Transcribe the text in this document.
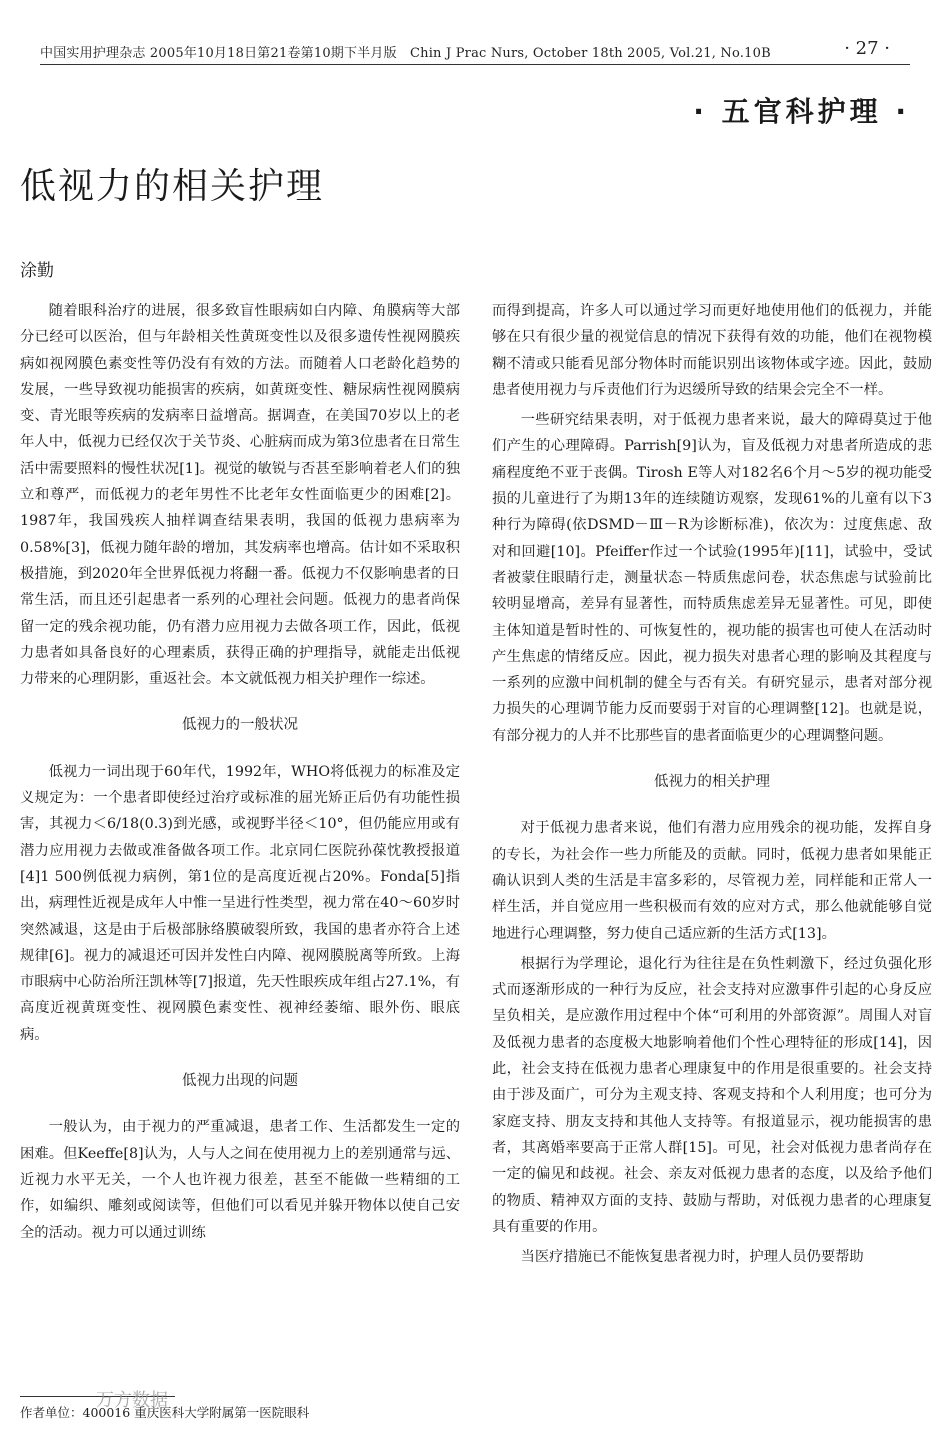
中国实用护理杂志 2005年10月18日第21卷第10期下半月版　Chin J Prac Nurs, October 18th 2005, Vol.21, No.10B	· 27 ·
· 五官科护理 ·
低视力的相关护理
涂勤

随着眼科治疗的进展，很多致盲性眼病如白内障、角膜病等大部分已经可以医治，但与年龄相关性黄斑变性以及很多遗传性视网膜疾病如视网膜色素变性等仍没有有效的方法。而随着人口老龄化趋势的发展，一些导致视功能损害的疾病，如黄斑变性、糖尿病性视网膜病变、青光眼等疾病的发病率日益增高。据调查，在美国70岁以上的老年人中，低视力已经仅次于关节炎、心脏病而成为第3位患者在日常生活中需要照料的慢性状况[1]。视觉的敏锐与否甚至影响着老人们的独立和尊严，而低视力的老年男性不比老年女性面临更少的困难[2]。1987年，我国残疾人抽样调查结果表明，我国的低视力患病率为0.58%[3]，低视力随年龄的增加，其发病率也增高。估计如不采取积极措施，到2020年全世界低视力将翻一番。低视力不仅影响患者的日常生活，而且还引起患者一系列的心理社会问题。低视力的患者尚保留一定的残余视功能，仍有潜力应用视力去做各项工作，因此，低视力患者如具备良好的心理素质，获得正确的护理指导，就能走出低视力带来的心理阴影，重返社会。本文就低视力相关护理作一综述。

低视力的一般状况

低视力一词出现于60年代，1992年，WHO将低视力的标准及定义规定为：一个患者即使经过治疗或标准的屈光矫正后仍有功能性损害，其视力＜6/18(0.3)到光感，或视野半径＜10°，但仍能应用或有潜力应用视力去做或准备做各项工作。北京同仁医院孙葆忱教授报道[4]1 500例低视力病例，第1位的是高度近视占20%。Fonda[5]指出，病理性近视是成年人中惟一呈进行性类型，视力常在40～60岁时突然减退，这是由于后极部脉络膜破裂所致，我国的患者亦符合上述规律[6]。视力的减退还可因并发性白内障、视网膜脱离等所致。上海市眼病中心防治所汪凯林等[7]报道，先天性眼疾成年组占27.1%，有高度近视黄斑变性、视网膜色素变性、视神经萎缩、眼外伤、眼底病。

低视力出现的问题

一般认为，由于视力的严重减退，患者工作、生活都发生一定的困难。但Keeffe[8]认为，人与人之间在使用视力上的差别通常与远、近视力水平无关，一个人也许视力很差，甚至不能做一些精细的工作，如编织、雕刻或阅读等，但他们可以看见并躲开物体以使自己安全的活动。视力可以通过训练

而得到提高，许多人可以通过学习而更好地使用他们的低视力，并能够在只有很少量的视觉信息的情况下获得有效的功能，他们在视物模糊不清或只能看见部分物体时而能识别出该物体或字迹。因此，鼓励患者使用视力与斥责他们行为迟缓所导致的结果会完全不一样。

一些研究结果表明，对于低视力患者来说，最大的障碍莫过于他们产生的心理障碍。Parrish[9]认为，盲及低视力对患者所造成的悲痛程度绝不亚于丧偶。Tirosh E等人对182名6个月～5岁的视功能受损的儿童进行了为期13年的连续随访观察，发现61%的儿童有以下3种行为障碍(依DSMD－Ⅲ－R为诊断标准)，依次为：过度焦虑、敌对和回避[10]。Pfeiffer作过一个试验(1995年)[11]，试验中，受试者被蒙住眼睛行走，测量状态－特质焦虑问卷，状态焦虑与试验前比较明显增高，差异有显著性，而特质焦虑差异无显著性。可见，即使主体知道是暂时性的、可恢复性的，视功能的损害也可使人在活动时产生焦虑的情绪反应。因此，视力损失对患者心理的影响及其程度与一系列的应激中间机制的健全与否有关。有研究显示，患者对部分视力损失的心理调节能力反而要弱于对盲的心理调整[12]。也就是说，有部分视力的人并不比那些盲的患者面临更少的心理调整问题。

低视力的相关护理

对于低视力患者来说，他们有潜力应用残余的视功能，发挥自身的专长，为社会作一些力所能及的贡献。同时，低视力患者如果能正确认识到人类的生活是丰富多彩的，尽管视力差，同样能和正常人一样生活，并自觉应用一些积极而有效的应对方式，那么他就能够自觉地进行心理调整，努力使自己适应新的生活方式[13]。

根据行为学理论，退化行为往往是在负性刺激下，经过负强化形式而逐渐形成的一种行为反应，社会支持对应激事件引起的心身反应呈负相关，是应激作用过程中个体“可利用的外部资源”。周围人对盲及低视力患者的态度极大地影响着他们个性心理特征的形成[14]，因此，社会支持在低视力患者心理康复中的作用是很重要的。社会支持由于涉及面广，可分为主观支持、客观支持和个人利用度；也可分为家庭支持、朋友支持和其他人支持等。有报道显示，视功能损害的患者，其离婚率要高于正常人群[15]。可见，社会对低视力患者尚存在一定的偏见和歧视。社会、亲友对低视力患者的态度，以及给予他们的物质、精神双方面的支持、鼓励与帮助，对低视力患者的心理康复具有重要的作用。

当医疗措施已不能恢复患者视力时，护理人员仍要帮助

作者单位：400016 重庆医科大学附属第一医院眼科
万方数据
